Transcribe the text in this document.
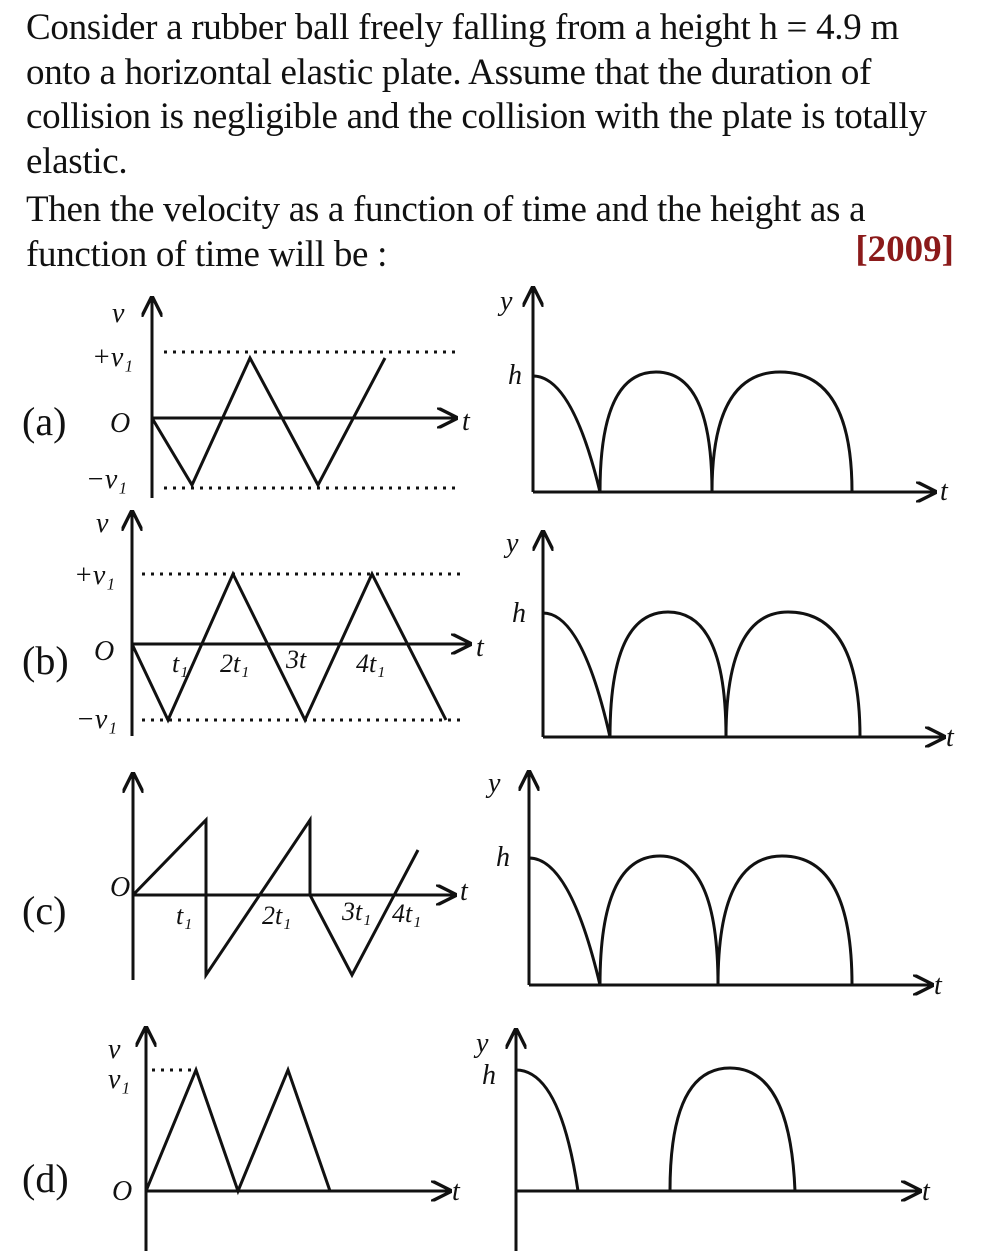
Consider a rubber ball freely falling from a height h = 4.9 m onto a horizontal elastic plate. Assume that the duration of collision is negligible and the collision with the plate is totally elastic.

Then the velocity as a function of time and the height as a function of time will be :	[2009]
(a)
v
+v₁
O
−v₁
t
y
h
t
(b)
v
+v₁
O
−v₁
t₁ 2t₁ 3t 4t₁
t
y
h
t
(c)
O
t₁	2t₁ 3t₁ 4t₁
t
y
h
t
(d)
v
v₁
O	t
y
h
t
